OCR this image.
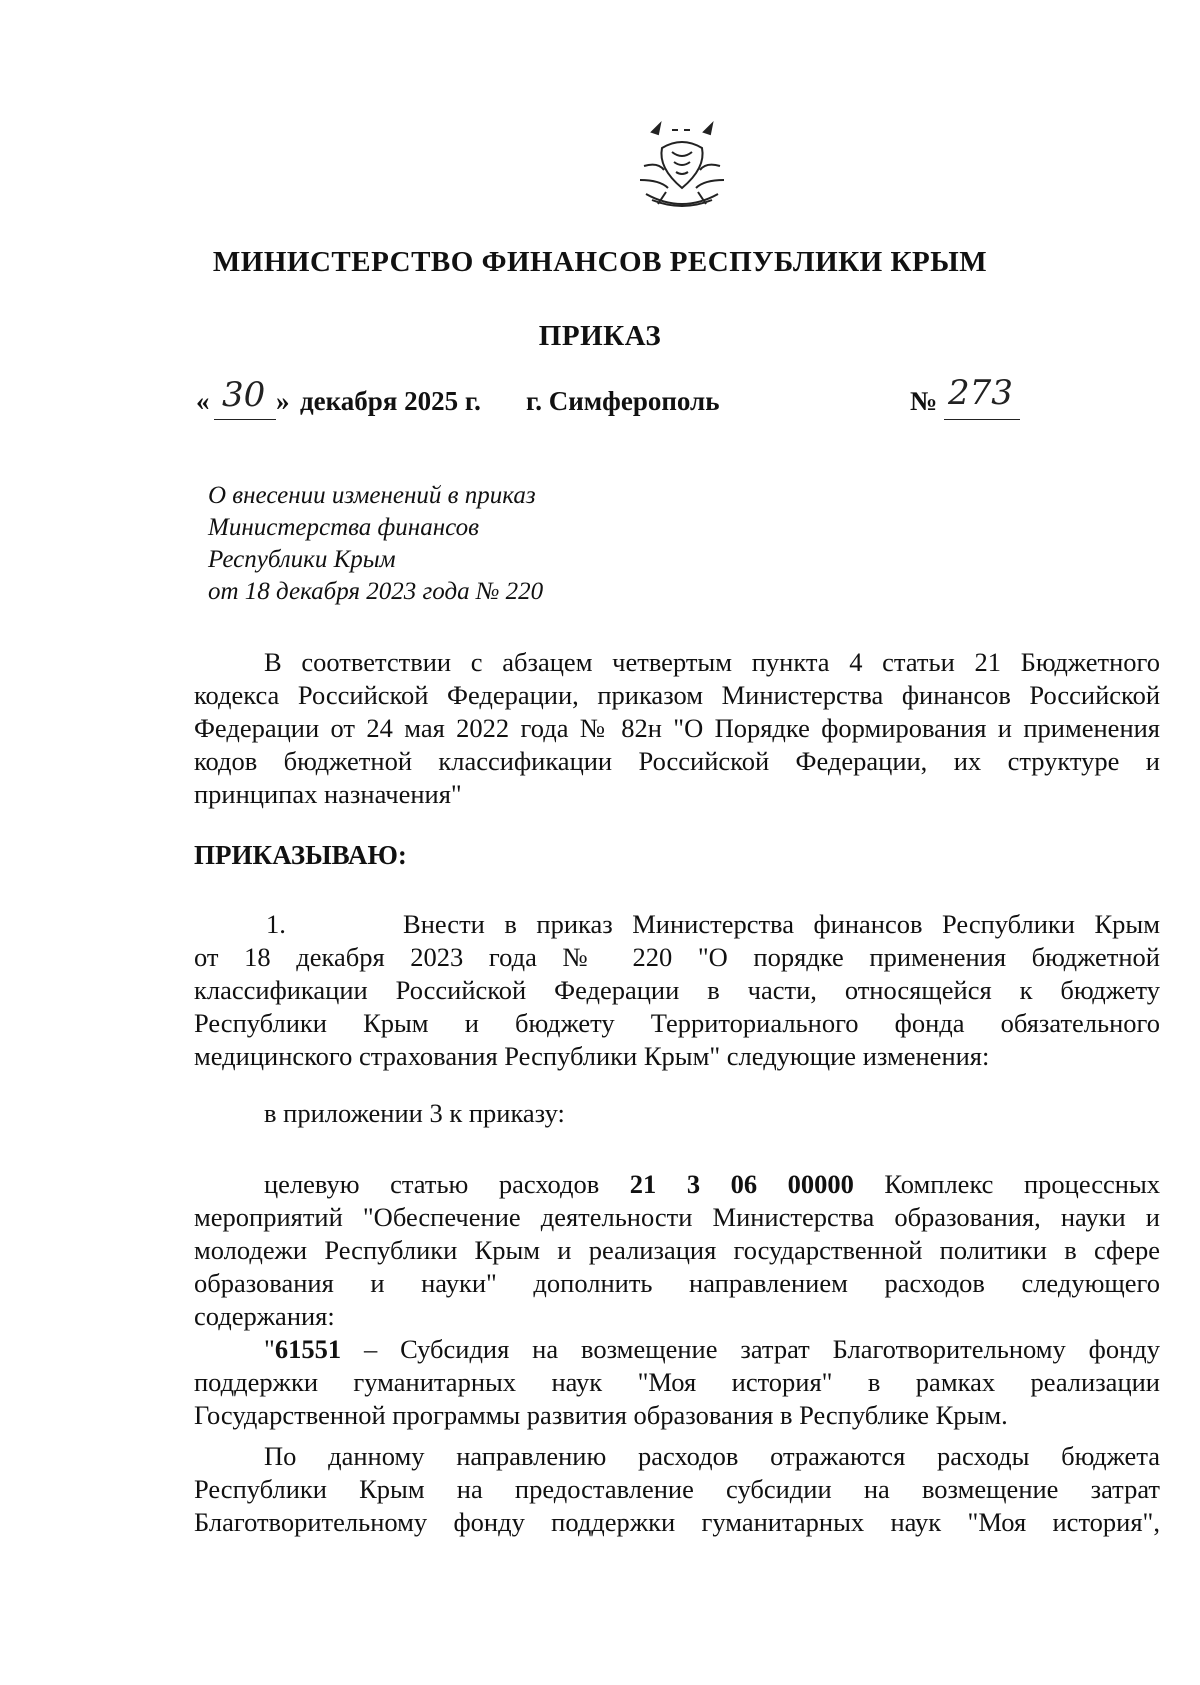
МИНИСТЕРСТВО ФИНАНСОВ РЕСПУБЛИКИ КРЫМ
ПРИКАЗ
« 30 » декабря 2025 г. г. Симферополь	№ 273
О внесении изменений в приказ
Министерства финансов
Республики Крым
от 18 декабря 2023 года № 220
В соответствии с абзацем четвертым пункта 4 статьи 21 Бюджетного
кодекса Российской Федерации, приказом Министерства финансов Российской
Федерации от 24 мая 2022 года № 82н "О Порядке формирования и применения
кодов бюджетной классификации Российской Федерации, их структуре и
принципах назначения"
ПРИКАЗЫВАЮ:
1.	Внести в приказ Министерства финансов Республики Крым
от 18 декабря 2023 года № 220 "О порядке применения бюджетной
классификации Российской Федерации в части, относящейся к бюджету
Республики Крым и бюджету Территориального фонда обязательного
медицинского страхования Республики Крым" следующие изменения:
в приложении 3 к приказу:
целевую статью расходов 21 3 06 00000 Комплекс процессных
мероприятий "Обеспечение деятельности Министерства образования, науки и
молодежи Республики Крым и реализация государственной политики в сфере
образования и науки" дополнить направлением расходов следующего
содержания:
"61551 – Субсидия на возмещение затрат Благотворительному фонду
поддержки гуманитарных наук "Моя история" в рамках реализации
Государственной программы развития образования в Республике Крым.
По данному направлению расходов отражаются расходы бюджета
Республики Крым на предоставление субсидии на возмещение затрат
Благотворительному фонду поддержки гуманитарных наук "Моя история",
